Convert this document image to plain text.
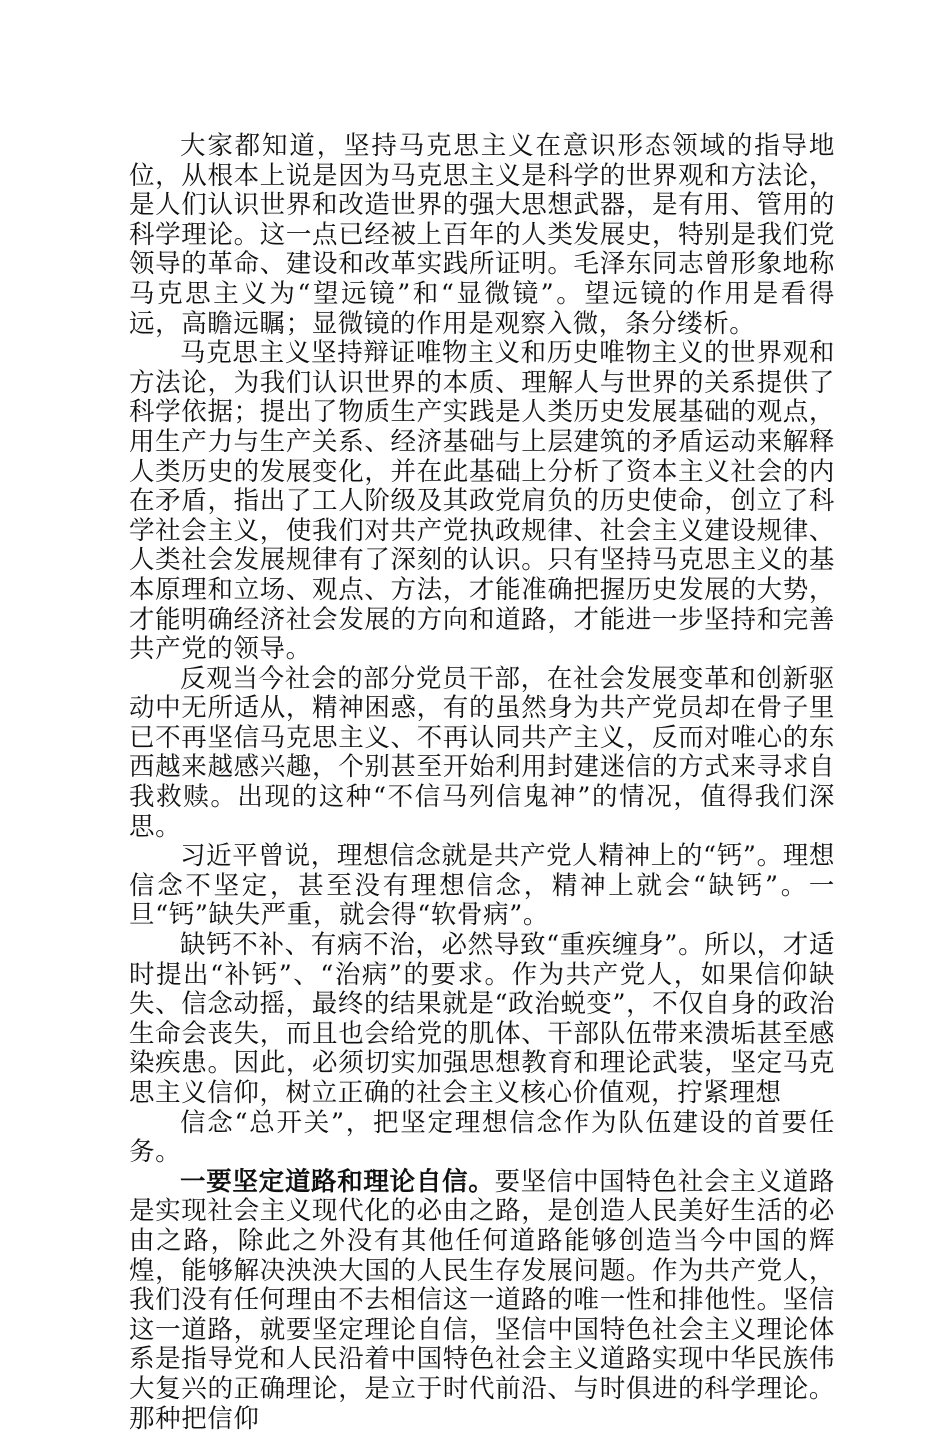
大家都知道，坚持马克思主义在意识形态领域的指导地位，从根本上说是因为马克思主义是科学的世界观和方法论，是人们认识世界和改造世界的强大思想武器，是有用、管用的科学理论。这一点已经被上百年的人类发展史，特别是我们党领导的革命、建设和改革实践所证明。毛泽东同志曾形象地称马克思主义为“望远镜”和“显微镜”。望远镜的作用是看得远，高瞻远瞩；显微镜的作用是观察入微，条分缕析。

马克思主义坚持辩证唯物主义和历史唯物主义的世界观和方法论，为我们认识世界的本质、理解人与世界的关系提供了科学依据；提出了物质生产实践是人类历史发展基础的观点，用生产力与生产关系、经济基础与上层建筑的矛盾运动来解释人类历史的发展变化，并在此基础上分析了资本主义社会的内在矛盾，指出了工人阶级及其政党肩负的历史使命，创立了科学社会主义，使我们对共产党执政规律、社会主义建设规律、人类社会发展规律有了深刻的认识。只有坚持马克思主义的基本原理和立场、观点、方法，才能准确把握历史发展的大势，才能明确经济社会发展的方向和道路，才能进一步坚持和完善共产党的领导。

反观当今社会的部分党员干部，在社会发展变革和创新驱动中无所适从，精神困惑，有的虽然身为共产党员却在骨子里已不再坚信马克思主义、不再认同共产主义，反而对唯心的东西越来越感兴趣，个别甚至开始利用封建迷信的方式来寻求自我救赎。出现的这种“不信马列信鬼神”的情况，值得我们深思。

习近平曾说，理想信念就是共产党人精神上的“钙”。理想信念不坚定，甚至没有理想信念，精神上就会“缺钙”。一旦“钙”缺失严重，就会得“软骨病”。

缺钙不补、有病不治，必然导致“重疾缠身”。所以，才适时提出“补钙”、“治病”的要求。作为共产党人，如果信仰缺失、信念动摇，最终的结果就是“政治蜕变”，不仅自身的政治生命会丧失，而且也会给党的肌体、干部队伍带来溃垢甚至感染疾患。因此，必须切实加强思想教育和理论武装，坚定马克思主义信仰，树立正确的社会主义核心价值观，拧紧理想

信念“总开关”，把坚定理想信念作为队伍建设的首要任务。

一要坚定道路和理论自信。要坚信中国特色社会主义道路是实现社会主义现代化的必由之路，是创造人民美好生活的必由之路，除此之外没有其他任何道路能够创造当今中国的辉煌，能够解决泱泱大国的人民生存发展问题。作为共产党人，我们没有任何理由不去相信这一道路的唯一性和排他性。坚信这一道路，就要坚定理论自信，坚信中国特色社会主义理论体系是指导党和人民沿着中国特色社会主义道路实现中华民族伟大复兴的正确理论，是立于时代前沿、与时俱进的科学理论。那种把信仰
